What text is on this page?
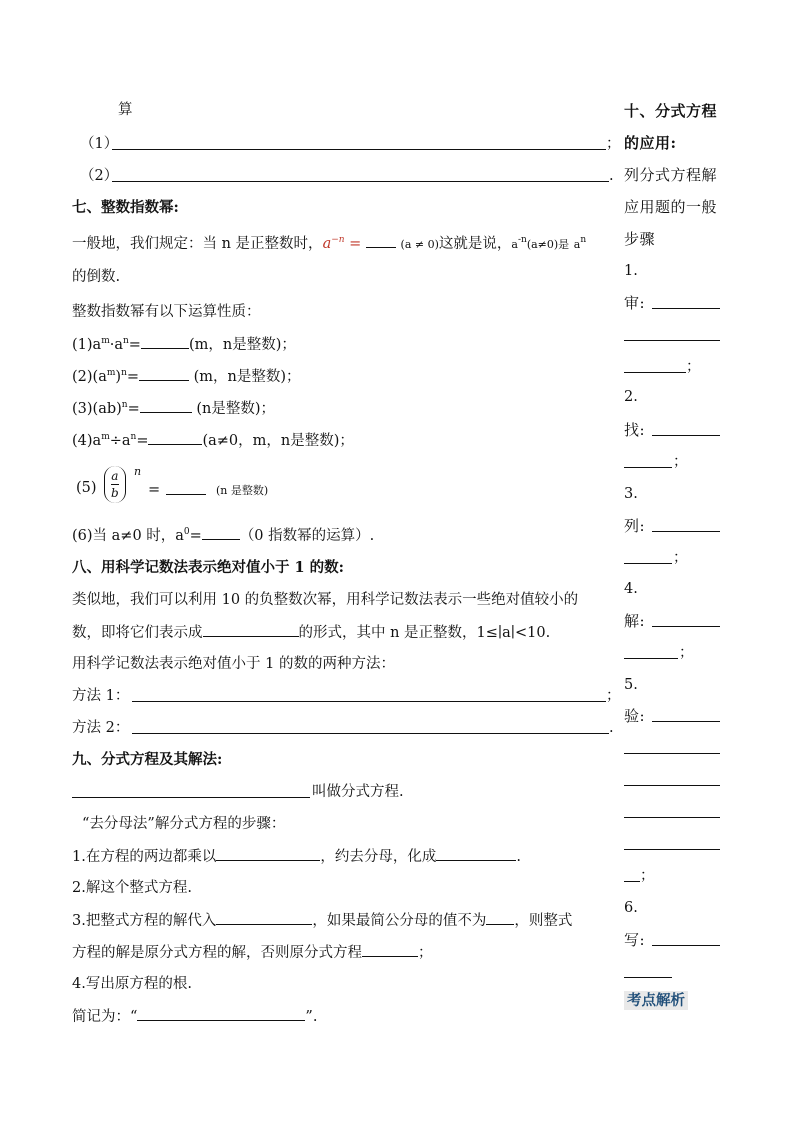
算
（1）	；
（2）	.
七、整数指数幂:
一般地，我们规定：当 n 是正整数时，$a^{-n}$ =	(a ≠ 0)这就是说，$a^{-n}(a\ne 0)$是 $a^n$
的倒数.
整数指数幂有以下运算性质：
$(1)a^m\cdot a^n=$	(m，n是整数)；
$(2)(a^m)^n=$	(m，n是整数)；
(3)(ab)$^n$=	(n是整数)；
$(4)a^m\div a^n=$	(a≠0，m，n是整数)；
$(5) \frac{a}{b}$ n
=	(n 是整数)
(6)当 a≠0 时，$a^0=$	（0 指数幂的运算）.
八、用科学记数法表示绝对值小于 1 的数:
类似地，我们可以利用 10 的负整数次幂，用科学记数法表示一些绝对值较小的
数，即将它们表示成	的形式，其中 n 是正整数，1≤∣a∣<10.
用科学记数法表示绝对值小于 1 的数的两种方法：
方法 1：	；
方法 2：	.
九、分式方程及其解法:
叫做分式方程.
“去分母法”解分式方程的步骤：
1.在方程的两边都乘以	，约去分母，化成	.
2.解这个整式方程.
3.把整式方程的解代入	，如果最简公分母的值不为 ，则整式
方程的解是原分式方程的解，否则原分式方程	；
4.写出原方程的根.
简记为：“	”.
十、分式方程
的应用:
列分式方程解
应用题的一般
步骤
1.
审:
；
2.
找:
；
3.
列:
；
4.
解:
；
5.
验:
；
6.
写:
考点解析
